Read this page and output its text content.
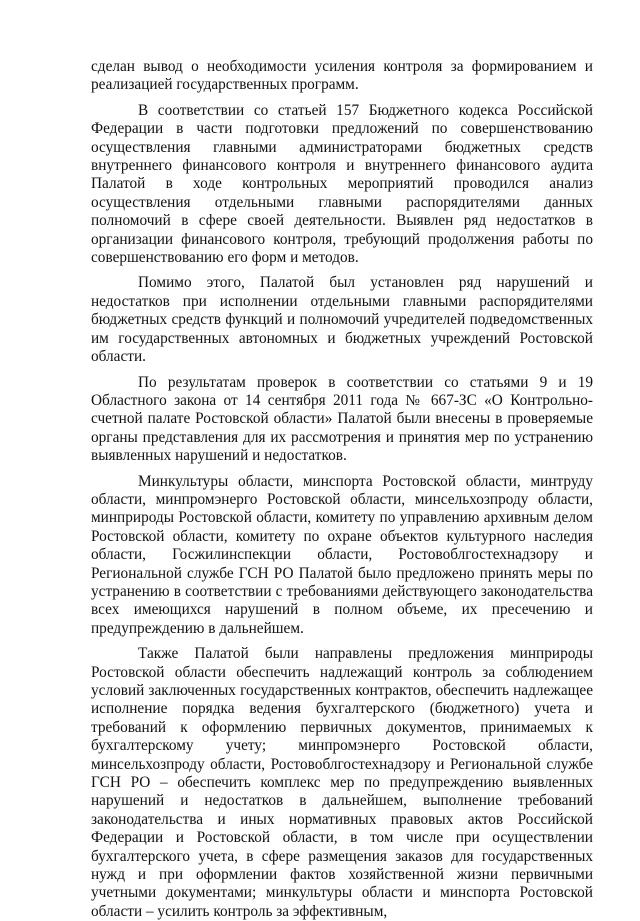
сделан вывод о необходимости усиления контроля за формированием и реализацией государственных программ.

В соответствии со статьей 157 Бюджетного кодекса Российской Федерации в части подготовки предложений по совершенствованию осуществления главными администраторами бюджетных средств внутреннего финансового контроля и внутреннего финансового аудита Палатой в ходе контрольных мероприятий проводился анализ осуществления отдельными главными распорядителями данных полномочий в сфере своей деятельности. Выявлен ряд недостатков в организации финансового контроля, требующий продолжения работы по совершенствованию его форм и методов.

Помимо этого, Палатой был установлен ряд нарушений и недостатков при исполнении отдельными главными распорядителями бюджетных средств функций и полномочий учредителей подведомственных им государственных автономных и бюджетных учреждений Ростовской области.

По результатам проверок в соответствии со статьями 9 и 19 Областного закона от 14 сентября 2011 года № 667-ЗС «О Контрольно-счетной палате Ростовской области» Палатой были внесены в проверяемые органы представления для их рассмотрения и принятия мер по устранению выявленных нарушений и недостатков.

Минкультуры области, минспорта Ростовской области, минтруду области, минпромэнерго Ростовской области, минсельхозпроду области, минприроды Ростовской области, комитету по управлению архивным делом Ростовской области, комитету по охране объектов культурного наследия области, Госжилинспекции области, Ростовоблгостехнадзору и Региональной службе ГСН РО Палатой было предложено принять меры по устранению в соответствии с требованиями действующего законодательства всех имеющихся нарушений в полном объеме, их пресечению и предупреждению в дальнейшем.

Также Палатой были направлены предложения минприроды Ростовской области обеспечить надлежащий контроль за соблюдением условий заключенных государственных контрактов, обеспечить надлежащее исполнение порядка ведения бухгалтерского (бюджетного) учета и требований к оформлению первичных документов, принимаемых к бухгалтерскому учету; минпромэнерго Ростовской области, минсельхозпроду области, Ростовоблгостехнадзору и Региональной службе ГСН РО – обеспечить комплекс мер по предупреждению выявленных нарушений и недостатков в дальнейшем, выполнение требований законодательства и иных нормативных правовых актов Российской Федерации и Ростовской области, в том числе при осуществлении бухгалтерского учета, в сфере размещения заказов для государственных нужд и при оформлении фактов хозяйственной жизни первичными учетными документами; минкультуры области и минспорта Ростовской области – усилить контроль за эффективным,
